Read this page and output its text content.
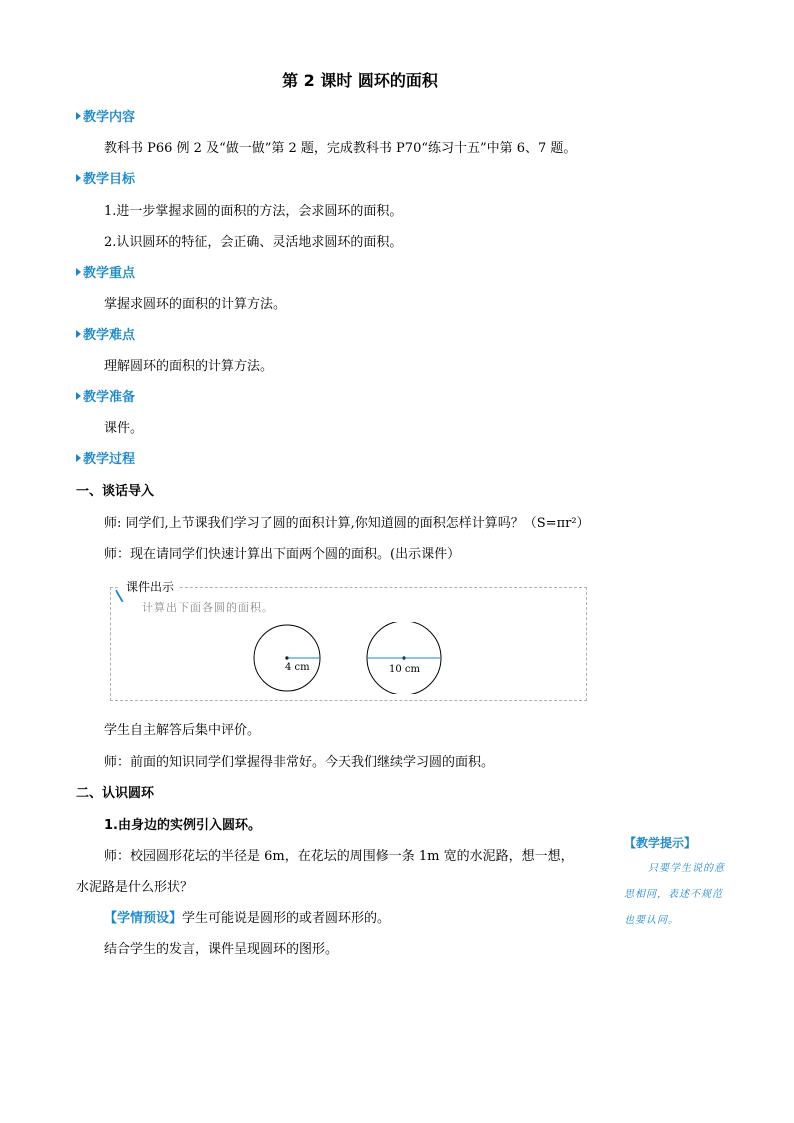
第 2 课时 圆环的面积
教学内容
教科书 P66 例 2 及“做一做”第 2 题，完成教科书 P70“练习十五”中第 6、7 题。
教学目标
1.进一步掌握求圆的面积的方法，会求圆环的面积。
2.认识圆环的特征，会正确、灵活地求圆环的面积。
教学重点
掌握求圆环的面积的计算方法。
教学难点
理解圆环的面积的计算方法。
教学准备
课件。
教学过程
一、谈话导入
师: 同学们,上节课我们学习了圆的面积计算,你知道圆的面积怎样计算吗？（S=πr²）
师：现在请同学们快速计算出下面两个圆的面积。(出示课件）
课件出示
计算出下面各圆的面积。
4 cm	10 cm
学生自主解答后集中评价。
师：前面的知识同学们掌握得非常好。今天我们继续学习圆的面积。
二、认识圆环
1.由身边的实例引入圆环。
师：校园圆形花坛的半径是 6m，在花坛的周围修一条 1m 宽的水泥路，想一想，
水泥路是什么形状？
【学情预设】学生可能说是圆形的或者圆环形的。
结合学生的发言，课件呈现圆环的图形。
【教学提示】
只要学生说的意
思相同，表述不规范
也要认同。
